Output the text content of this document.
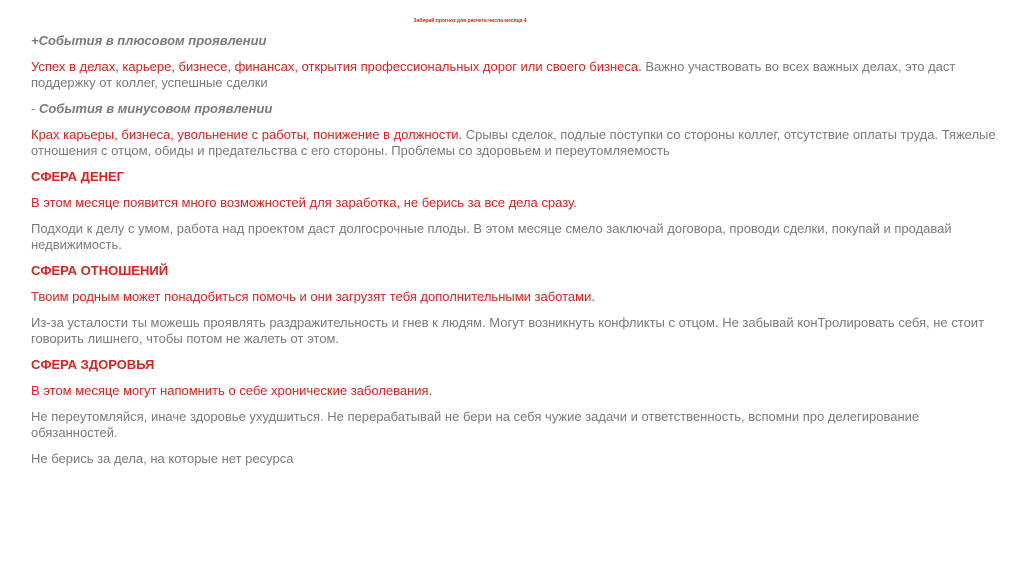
Забирай прогноз для расчета числа месяца 4

+События в плюсовом проявлении

Успех в делах, карьере, бизнесе, финансах, открытия профессиональных дорог или своего бизнеса. Важно участвовать во всех важных делах, это даст поддержку от коллег, успешные сделки

- События в минусовом проявлении

Крах карьеры, бизнеса, увольнение с работы, понижение в должности. Срывы сделок, подлые поступки со стороны коллег, отсутствие оплаты труда. Тяжелые отношения с отцом, обиды и предательства с его стороны. Проблемы со здоровьем и переутомляемость

СФЕРА ДЕНЕГ

В этом месяце появится много возможностей для заработка, не берись за все дела сразу.

Подходи к делу с умом, работа над проектом даст долгосрочные плоды. В этом месяце смело заключай договора, проводи сделки, покупай и продавай недвижимость.

СФЕРА ОТНОШЕНИЙ

Твоим родным может понадобиться помочь и они загрузят тебя дополнительными заботами.

Из-за усталости ты можешь проявлять раздражительность и гнев к людям. Могут возникнуть конфликты с отцом. Не забывай конТролировать себя, не стоит говорить лишнего, чтобы потом не жалеть от этом.

СФЕРА ЗДОРОВЬЯ

В этом месяце могут напомнить о себе хронические заболевания.

Не переутомляйся, иначе здоровье ухудшиться. Не перерабатывай не бери на себя чужие задачи и ответственность, вспомни про делегирование обязанностей.

Не берись за дела, на которые нет ресурса
